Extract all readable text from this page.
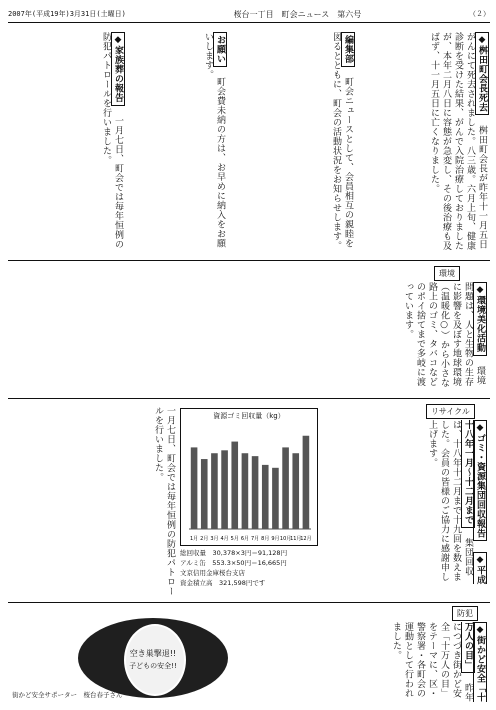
2007年(平成19年)3月31日(土曜日)	桜台一丁目　町会ニュース　第六号	（２）
◆桝田町会長死去 桝田町会長が昨年十一月五日がんにて死去されました。八三歳。六月上旬、健康診断を受けた結果、がんで入院治療しておりましたが、本年二月八日に容態が急変し、その後治療も及ばず、十一月五日に亡くなりました。
編集部 町会ニュースとして、会員相互の親睦を図るとともに、町会の活動状況をお知らせします。
お願い 町会費未納の方は、お早めに納入をお願いします。
◆家族葬の報告 一月七日、町会では毎年恒例の防犯パトロールを行いました。
環境
◆環境美化活動 環境問題は、人と生物の生存に影響を及ぼす地球環境（温暖化○）から小さな路上のゴミ、タバコなどのポイ捨てまで多岐に渡っています。
リサイクル
◆ゴミ・資源集団回収報告 ◆平成十八年一月〜十二月まで 集団回収は、十八年十二月まで十九回を数えました。会員の皆様のご協力に感謝申し上げます。
資源ゴミ回収量（kg）
1月 2月 3月 4月 5月 6月 7月 8月 9月 10月
11月
12月
総回収量　30,378×3円＝91,128円
アルミ缶　553.3×50円＝16,665円
文京信用金庫桜台支店
資金積立高　321,598円です
一月七日、町会では毎年恒例の防犯パトロールを行いました。
防犯
◆街かど安全「十万人の目」 昨年につづき街かど安全「十万人の目」をテーマに、区・警察署・各町会の運動として行われました。
空き巣撃退!!
子どもの安全!!
街かど安全サポーター　桜台春子さん
